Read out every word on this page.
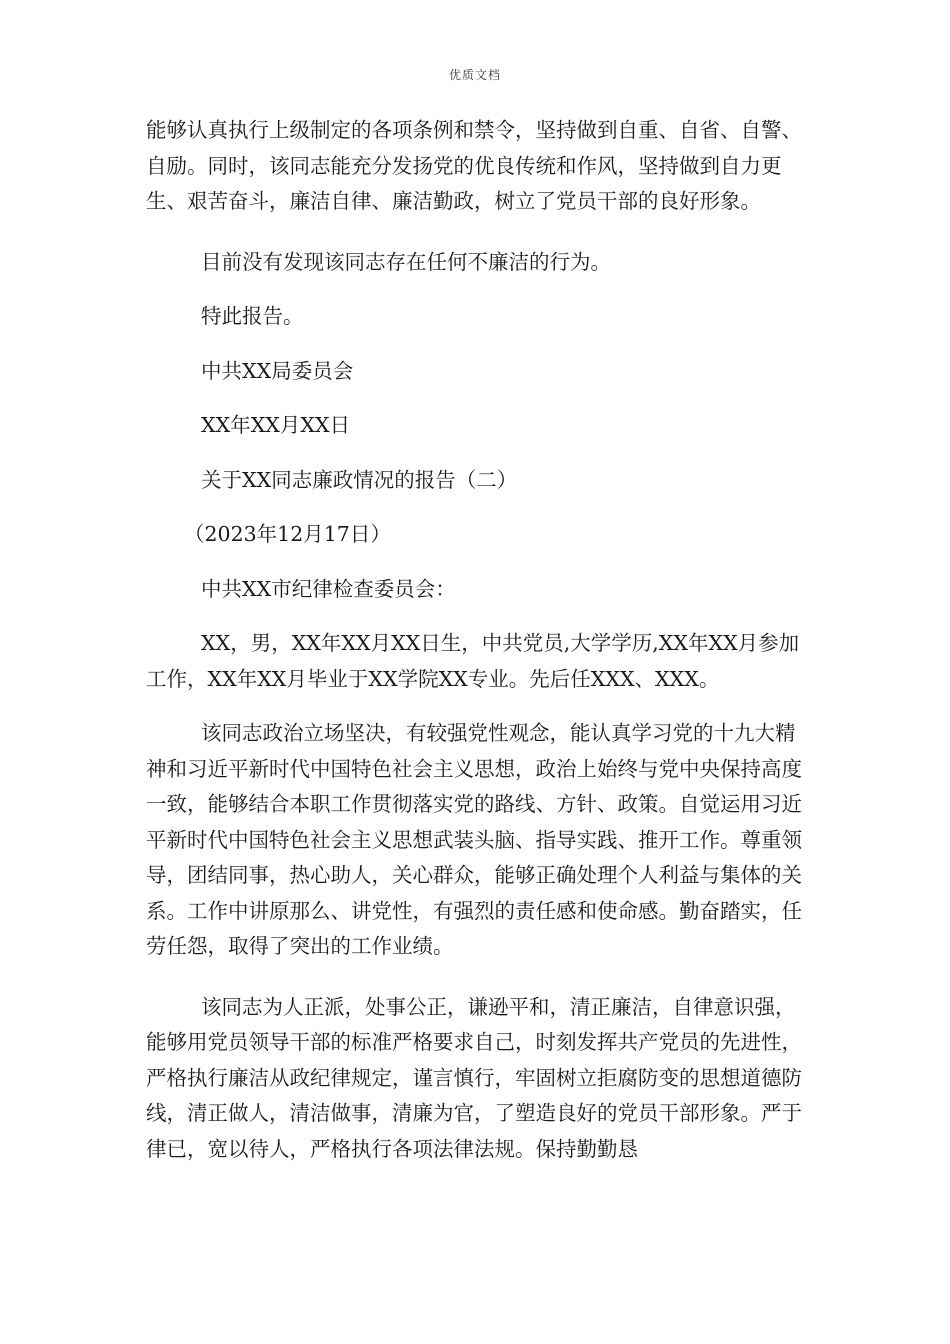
优质文档

能够认真执行上级制定的各项条例和禁令，坚持做到自重、自省、自警、自励。同时，该同志能充分发扬党的优良传统和作风，坚持做到自力更生、艰苦奋斗，廉洁自律、廉洁勤政，树立了党员干部的良好形象。

目前没有发现该同志存在任何不廉洁的行为。

特此报告。

中共XX局委员会

XX年XX月XX日

关于XX同志廉政情况的报告（二）

（2023年12月17日）

中共XX市纪律检查委员会：

XX，男，XX年XX月XX日生，中共党员,大学学历,XX年XX月参加工作，XX年XX月毕业于XX学院XX专业。先后任XXX、XXX。

该同志政治立场坚决，有较强党性观念，能认真学习党的十九大精神和习近平新时代中国特色社会主义思想，政治上始终与党中央保持高度一致，能够结合本职工作贯彻落实党的路线、方针、政策。自觉运用习近平新时代中国特色社会主义思想武装头脑、指导实践、推开工作。尊重领导，团结同事，热心助人，关心群众，能够正确处理个人利益与集体的关系。工作中讲原那么、讲党性，有强烈的责任感和使命感。勤奋踏实，任劳任怨，取得了突出的工作业绩。

该同志为人正派，处事公正，谦逊平和，清正廉洁，自律意识强，能够用党员领导干部的标准严格要求自己，时刻发挥共产党员的先进性，严格执行廉洁从政纪律规定，谨言慎行，牢固树立拒腐防变的思想道德防线，清正做人，清洁做事，清廉为官，了塑造良好的党员干部形象。严于律已，宽以待人，严格执行各项法律法规。保持勤勤恳
